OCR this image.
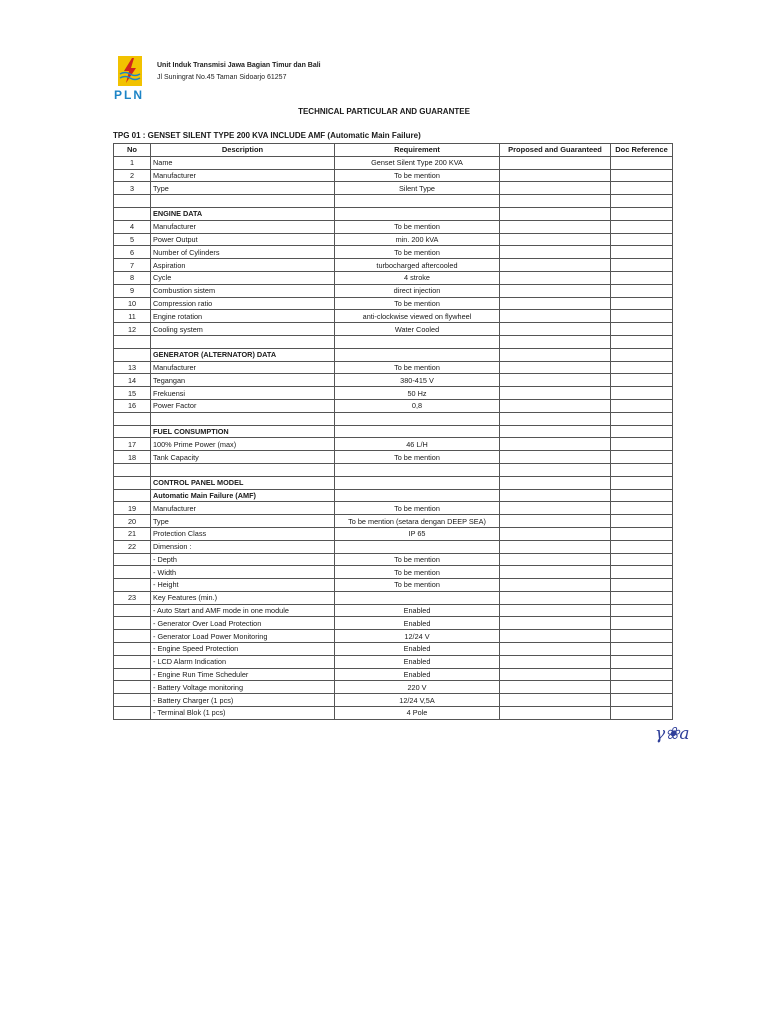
PLN
Unit Induk Transmisi Jawa Bagian Timur dan Bali
Jl Suningrat No.45 Taman Sidoarjo 61257
TECHNICAL PARTICULAR AND GUARANTEE
TPG 01 : GENSET SILENT TYPE 200 KVA INCLUDE AMF (Automatic Main Failure)
No	Description	Requirement	Proposed and Guaranteed	Doc Reference
1	Name	Genset Silent Type 200 KVA		
2	Manufacturer	To be mention		
3	Type	Silent Type		

	ENGINE DATA			
4	Manufacturer	To be mention		
5	Power Output	min. 200 kVA		
6	Number of Cylinders	To be mention		
7	Aspiration	turbocharged aftercooled		
8	Cycle	4 stroke		
9	Combustion sistem	direct injection		
10	Compression ratio	To be mention		
11	Engine rotation	anti-clockwise viewed on flywheel		
12	Cooling system	Water Cooled		

	GENERATOR (ALTERNATOR) DATA			
13	Manufacturer	To be mention		
14	Tegangan	380-415 V		
15	Frekuensi	50 Hz		
16	Power Factor	0,8		

	FUEL CONSUMPTION			
17	100% Prime Power (max)	46 L/H		
18	Tank Capacity	To be mention		

	CONTROL PANEL MODEL			
	Automatic Main Failure (AMF)			
19	Manufacturer	To be mention		
20	Type	To be mention (setara dengan DEEP SEA)		
21	Protection Class	IP 65		
22	Dimension :			
	- Depth	To be mention		
	- Width	To be mention		
	- Height	To be mention		
23	Key Features (min.)			
	- Auto Start and AMF mode in one module	Enabled		
	- Generator Over Load Protection	Enabled		
	- Generator Load Power Monitoring	12/24 V		
	- Engine Speed Protection	Enabled		
	- LCD Alarm Indication	Enabled		
	- Engine Run Time Scheduler	Enabled		
	- Battery Voltage monitoring	220 V		
	- Battery Charger (1 pcs)	12/24 V,5A		
	- Terminal Blok (1 pcs)	4 Pole		
γ❀a
